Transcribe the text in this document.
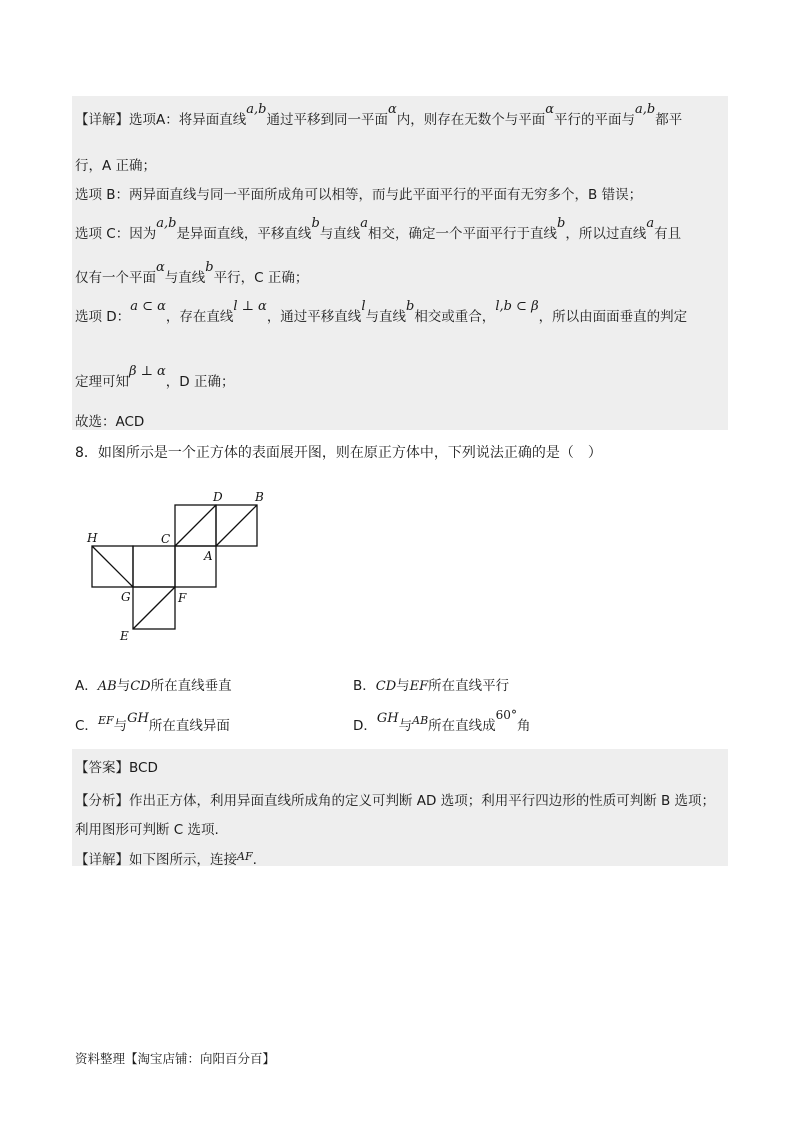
【详解】选项A：将异面直线a,b通过平移到同一平面α内，则存在无数个与平面α平行的平面与a,b都平
行，A 正确；
选项 B：两异面直线与同一平面所成角可以相等，而与此平面平行的平面有无穷多个，B 错误；
选项 C：因为a,b是异面直线，平移直线b与直线a相交，确定一个平面平行于直线b，所以过直线a有且
仅有一个平面α与直线b平行，C 正确；
选项 D：a ⊂ α，存在直线l ⊥ α，通过平移直线l与直线b相交或重合，l,b ⊂ β，所以由面面垂直的判定
定理可知β ⊥ α，D 正确；
故选：ACD
8．如图所示是一个正方体的表面展开图，则在原正方体中，下列说法正确的是（　）
D	B
H	C
A
G	F
E
A．AB与CD所在直线垂直	B．CD与EF所在直线平行
C．$^{EF}$与GH所在直线异面	D．GH与$^{AB}$所在直线成60°角
【答案】BCD
【分析】作出正方体，利用异面直线所成角的定义可判断 AD 选项；利用平行四边形的性质可判断 B 选项；
利用图形可判断 C 选项.
【详解】如下图所示，连接$^{AF}$.
资料整理【淘宝店铺：向阳百分百】
